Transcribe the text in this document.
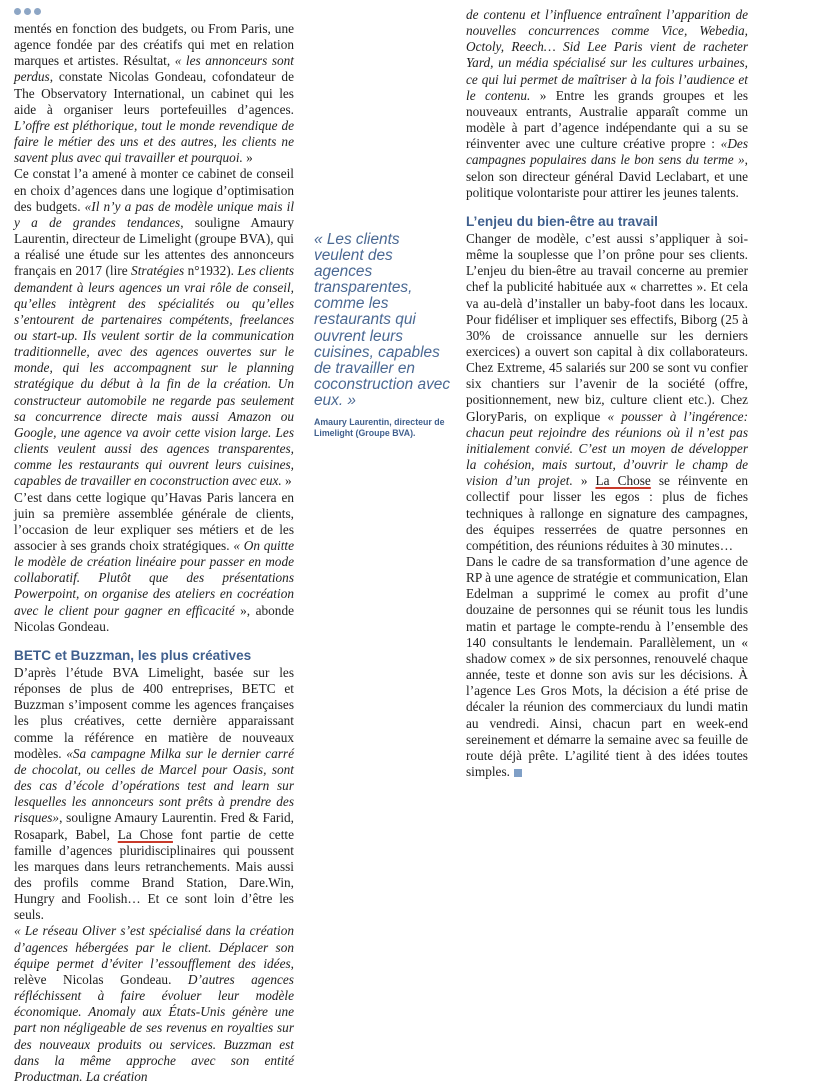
mentés en fonction des budgets, ou From Paris, une agence fondée par des créatifs qui met en relation marques et artistes. Résultat, « les annonceurs sont perdus, constate Nicolas Gondeau, cofondateur de The Observatory International, un cabinet qui les aide à organiser leurs portefeuilles d’agences. L’offre est pléthorique, tout le monde revendique de faire le métier des uns et des autres, les clients ne savent plus avec qui travailler et pourquoi. »

Ce constat l’a amené à monter ce cabinet de conseil en choix d’agences dans une logique d’optimisation des budgets. «Il n’y a pas de modèle unique mais il y a de grandes tendances, souligne Amaury Laurentin, directeur de Limelight (groupe BVA), qui a réalisé une étude sur les attentes des annonceurs français en 2017 (lire Stratégies n°1932). Les clients demandent à leurs agences un vrai rôle de conseil, qu’elles intègrent des spécialités ou qu’elles s’entourent de partenaires compétents, freelances ou start-up. Ils veulent sortir de la communication traditionnelle, avec des agences ouvertes sur le monde, qui les accompagnent sur le planning stratégique du début à la fin de la création. Un constructeur automobile ne regarde pas seulement sa concurrence directe mais aussi Amazon ou Google, une agence va avoir cette vision large. Les clients veulent aussi des agences transparentes, comme les restaurants qui ouvrent leurs cuisines, capables de travailler en coconstruction avec eux. »

C’est dans cette logique qu’Havas Paris lancera en juin sa première assemblée générale de clients, l’occasion de leur expliquer ses métiers et de les associer à ses grands choix stratégiques. « On quitte le modèle de création linéaire pour passer en mode collaboratif. Plutôt que des présentations Powerpoint, on organise des ateliers en cocréation avec le client pour gagner en efficacité », abonde Nicolas Gondeau.

BETC et Buzzman, les plus créatives

D’après l’étude BVA Limelight, basée sur les réponses de plus de 400 entreprises, BETC et Buzzman s’imposent comme les agences françaises les plus créatives, cette dernière apparaissant comme la référence en matière de nouveaux modèles. «Sa campagne Milka sur le dernier carré de chocolat, ou celles de Marcel pour Oasis, sont des cas d’école d’opérations test and learn sur lesquelles les annonceurs sont prêts à prendre des risques», souligne Amaury Laurentin. Fred & Farid, Rosapark, Babel, La Chose font partie de cette famille d’agences pluridisciplinaires qui poussent les marques dans leurs retranchements. Mais aussi des profils comme Brand Station, Dare.Win, Hungry and Foolish… Et ce sont loin d’être les seuls.

« Le réseau Oliver s’est spécialisé dans la création d’agences hébergées par le client. Déplacer son équipe permet d’éviter l’essoufflement des idées, relève Nicolas Gondeau. D’autres agences réfléchissent à faire évoluer leur modèle économique. Anomaly aux États-Unis génère une part non négligeable de ses revenus en royalties sur des nouveaux produits ou services. Buzzman est dans la même approche avec son entité Productman. La création

« Les clients veulent des agences transparentes, comme les restaurants qui ouvrent leurs cuisines, capables de travailler en coconstruction avec eux. »
Amaury Laurentin, directeur de Limelight (Groupe BVA).

de contenu et l’influence entraînent l’apparition de nouvelles concurrences comme Vice, Webedia, Octoly, Reech… Sid Lee Paris vient de racheter Yard, un média spécialisé sur les cultures urbaines, ce qui lui permet de maîtriser à la fois l’audience et le contenu. » Entre les grands groupes et les nouveaux entrants, Australie apparaît comme un modèle à part d’agence indépendante qui a su se réinventer avec une culture créative propre : «Des campagnes populaires dans le bon sens du terme », selon son directeur général David Leclabart, et une politique volontariste pour attirer les jeunes talents.

L’enjeu du bien-être au travail

Changer de modèle, c’est aussi s’appliquer à soi-même la souplesse que l’on prône pour ses clients. L’enjeu du bien-être au travail concerne au premier chef la publicité habituée aux « charrettes ». Et cela va au-delà d’installer un baby-foot dans les locaux. Pour fidéliser et impliquer ses effectifs, Biborg (25 à 30% de croissance annuelle sur les derniers exercices) a ouvert son capital à dix collaborateurs. Chez Extreme, 45 salariés sur 200 se sont vu confier six chantiers sur l’avenir de la société (offre, positionnement, new biz, culture client etc.). Chez GloryParis, on explique « pousser à l’ingérence: chacun peut rejoindre des réunions où il n’est pas initialement convié. C’est un moyen de développer la cohésion, mais surtout, d’ouvrir le champ de vision d’un projet. » La Chose se réinvente en collectif pour lisser les egos : plus de fiches techniques à rallonge en signature des campagnes, des équipes resserrées de quatre personnes en compétition, des réunions réduites à 30 minutes…

Dans le cadre de sa transformation d’une agence de RP à une agence de stratégie et communication, Elan Edelman a supprimé le comex au profit d’une douzaine de personnes qui se réunit tous les lundis matin et partage le compte-rendu à l’ensemble des 140 consultants le lendemain. Parallèlement, un « shadow comex » de six personnes, renouvelé chaque année, teste et donne son avis sur les décisions. À l’agence Les Gros Mots, la décision a été prise de décaler la réunion des commerciaux du lundi matin au vendredi. Ainsi, chacun part en week-end sereinement et démarre la semaine avec sa feuille de route déjà prête. L’agilité tient à des idées toutes simples.
